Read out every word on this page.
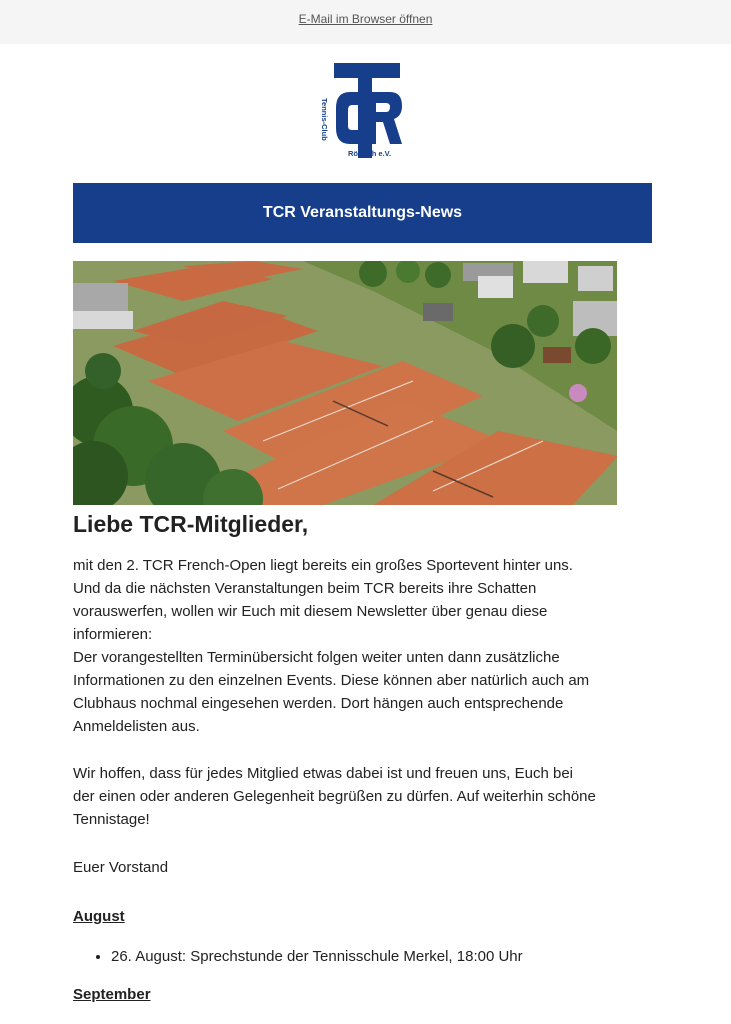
E-Mail im Browser öffnen
Tennis-Club
Rösrath e.V.
TCR Veranstaltungs-News
Liebe TCR-Mitglieder,
mit den 2. TCR French-Open liegt bereits ein großes Sportevent hinter uns.
Und da die nächsten Veranstaltungen beim TCR bereits ihre Schatten
vorauswerfen, wollen wir Euch mit diesem Newsletter über genau diese
informieren:
Der vorangestellten Terminübersicht folgen weiter unten dann zusätzliche
Informationen zu den einzelnen Events. Diese können aber natürlich auch am
Clubhaus nochmal eingesehen werden. Dort hängen auch entsprechende
Anmeldelisten aus.
Wir hoffen, dass für jedes Mitglied etwas dabei ist und freuen uns, Euch bei
der einen oder anderen Gelegenheit begrüßen zu dürfen. Auf weiterhin schöne
Tennistage!

Euer Vorstand

August
• 26. August: Sprechstunde der Tennisschule Merkel, 18:00 Uhr
September
